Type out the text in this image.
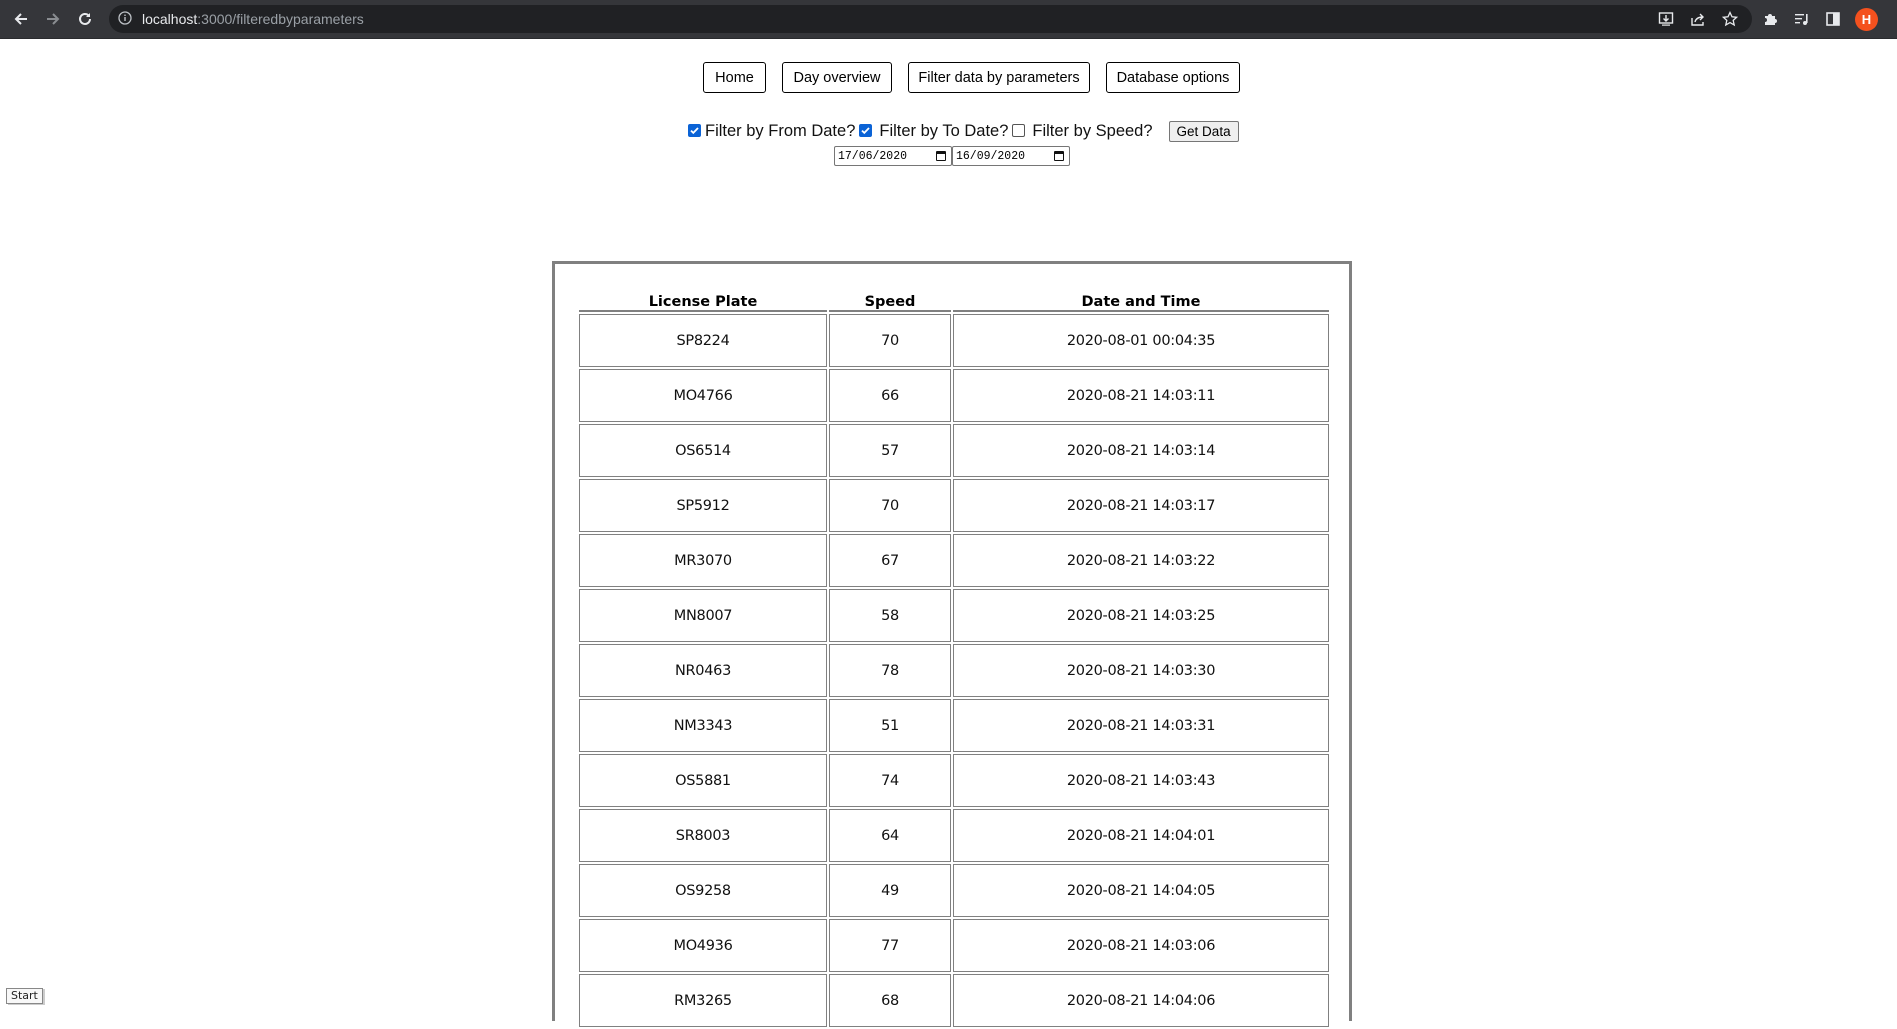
localhost:3000/filteredbyparameters	H
Home	Day overview	Filter data by parameters	Database options
Filter by From Date? Filter by To Date? Filter by Speed?	Get Data
17/06/2020	16/09/2020
License Plate	Speed	Date and Time
SP8224	70	2020-08-01 00:04:35
MO4766	66	2020-08-21 14:03:11
OS6514	57	2020-08-21 14:03:14
SP5912	70	2020-08-21 14:03:17
MR3070	67	2020-08-21 14:03:22
MN8007	58	2020-08-21 14:03:25
NR0463	78	2020-08-21 14:03:30
NM3343	51	2020-08-21 14:03:31
OS5881	74	2020-08-21 14:03:43
SR8003	64	2020-08-21 14:04:01
OS9258	49	2020-08-21 14:04:05
MO4936	77	2020-08-21 14:03:06
RM3265	68	2020-08-21 14:04:06
Start
